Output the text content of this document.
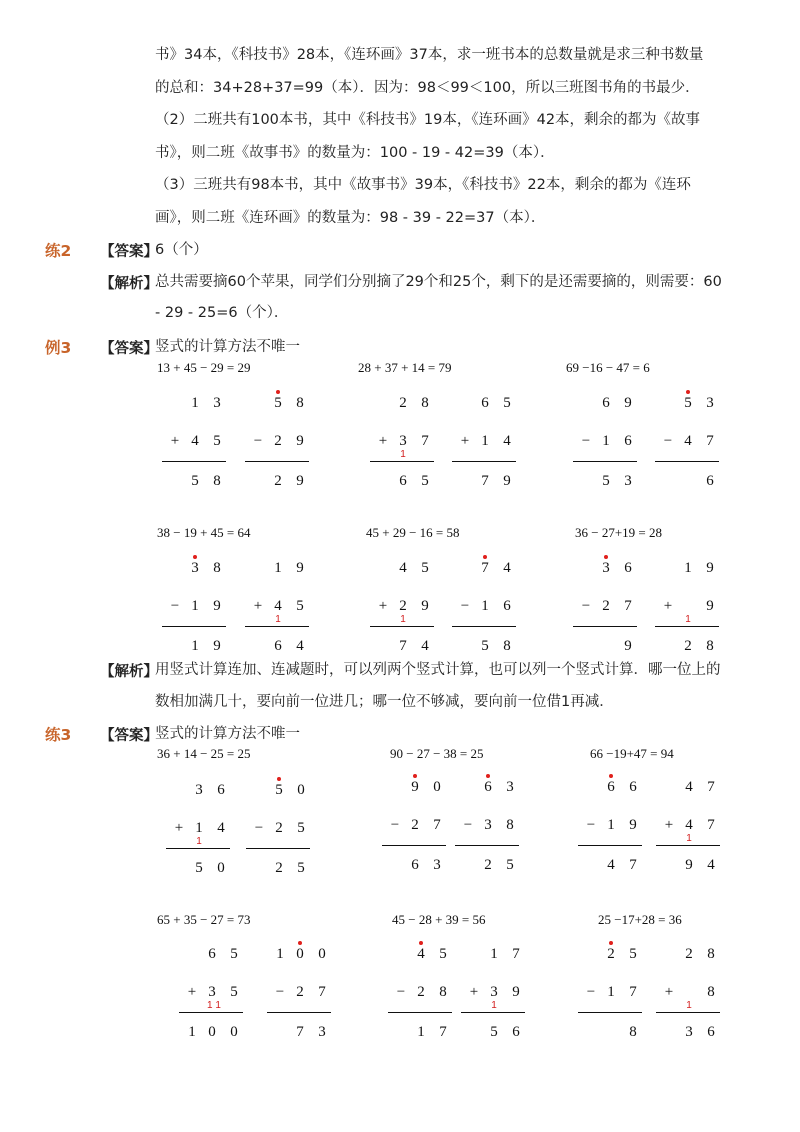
书》34本，《科技书》28本，《连环画》37本，求一班书本的总数量就是求三种书数量
的总和：34+28+37=99（本）．因为：98＜99＜100，所以三班图书角的书最少．
（2）二班共有100本书，其中《科技书》19本，《连环画》42本，剩余的都为《故事
书》，则二班《故事书》的数量为：100 - 19 - 42=39（本）．
（3）三班共有98本书，其中《故事书》39本，《科技书》22本，剩余的都为《连环
画》，则二班《连环画》的数量为：98 - 39 - 22=37（本）．
练2 【答案】
6（个）
【解析】
总共需要摘60个苹果，同学们分别摘了29个和25个，剩下的是还需要摘的，则需要：60
- 29 - 25=6（个）．
例3 【答案】
竖式的计算方法不唯一
13 + 45 − 29 = 29	28 + 37 + 14 = 79	69 −16 − 47 = 6
38 − 19 + 45 = 64	45 + 29 − 16 = 58	36 − 27+19 = 28
1 3
+ 4 5
5 8
5 8
− 2 9
2 9
2 8
+ 3 7
1
6 5
6 5
+ 1 4
7 9
6 9
− 1 6
5 3
5 3
− 4 7
6
3 8
− 1 9
1 9
1 9
+ 4 5
1
6 4
4 5
+ 2 9
1
7 4
7 4
− 1 6
5 8
3 6
− 2 7
9
1 9
+	9
1
2 8
【解析】
用竖式计算连加、连减题时，可以列两个竖式计算，也可以列一个竖式计算．哪一位上的
数相加满几十，要向前一位进几；哪一位不够减，要向前一位借1再减．
练3 【答案】
竖式的计算方法不唯一
36 + 14 − 25 = 25	90 − 27 − 38 = 25	66 −19+47 = 94
65 + 35 − 27 = 73	45 − 28 + 39 = 56	25 −17+28 = 36
3 6
+ 1 4
1
5 0
5 0
− 2 5
2 5
9 0
− 2 7
6 3
6 3
− 3 8
2 5
6 6
− 1 9
4 7
4 7
+ 4 7
1
9 4
6 5
+ 3 5
1 1
1 0 0
1 0 0
− 2 7
7 3
4 5
− 2 8
1 7
1 7
+ 3 9
1
5 6
2 5
− 1 7
8
2 8
+	8
1
3 6
